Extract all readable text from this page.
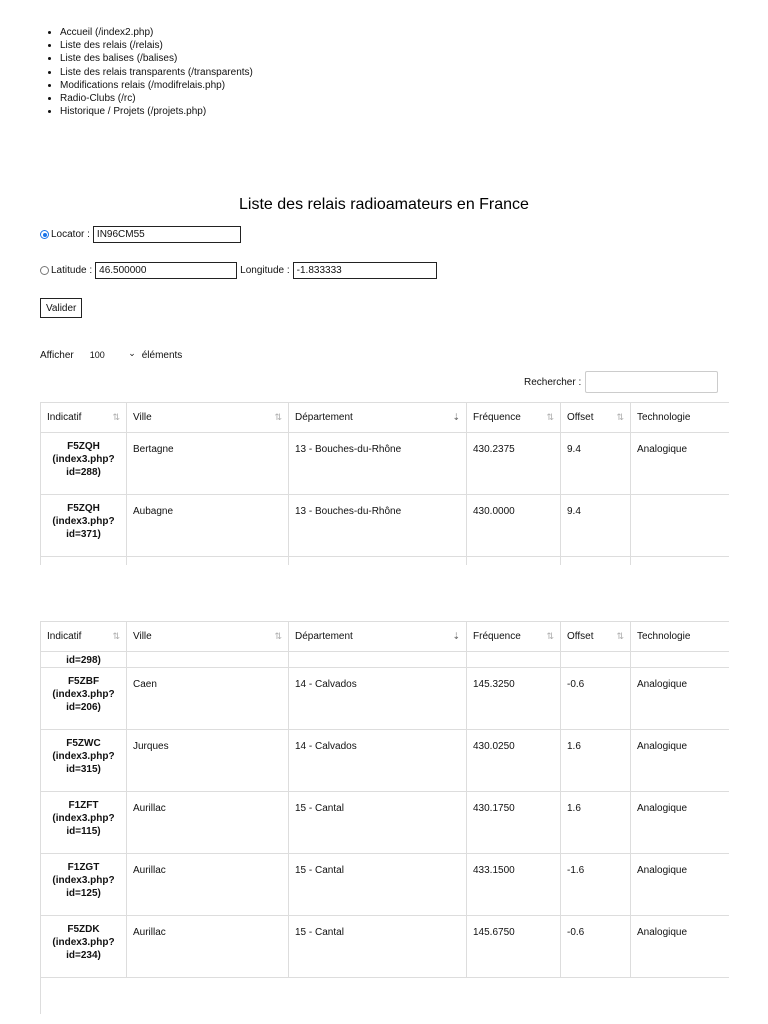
• Accueil (/index2.php)
• Liste des relais (/relais)
• Liste des balises (/balises)
• Liste des relais transparents (/transparents)
• Modifications relais (/modifrelais.php)
• Radio-Clubs (/rc)
• Historique / Projets (/projets.php)
Liste des relais radioamateurs en France
Locator :
IN96CM55
Latitude :
46.500000	Longitude :
-1.833333
Valider
Afficher 100	⌄ éléments
Rechercher :
Indicatif ⇅	Ville ⇅	Département ⇣	Fréquence ⇅	Offset ⇅	Technologie

F5ZQH
(index3.php?
id=288)	Bertagne	13 - Bouches-du-Rhône	430.2375	9.4	Analogique

F5ZQH
(index3.php?
id=371)	Aubagne	13 - Bouches-du-Rhône	430.0000	9.4	

Indicatif ⇅	Ville ⇅	Département ⇣	Fréquence ⇅	Offset ⇅	Technologie
id=298)					

F5ZBF
(index3.php?
id=206)	Caen	14 - Calvados	145.3250	-0.6	Analogique

F5ZWC
(index3.php?
id=315)	Jurques	14 - Calvados	430.0250	1.6	Analogique

F1ZFT
(index3.php?
id=115)	Aurillac	15 - Cantal	430.1750	1.6	Analogique

F1ZGT
(index3.php?
id=125)	Aurillac	15 - Cantal	433.1500	-1.6	Analogique

F5ZDK
(index3.php?
id=234)	Aurillac	15 - Cantal	145.6750	-0.6	Analogique
